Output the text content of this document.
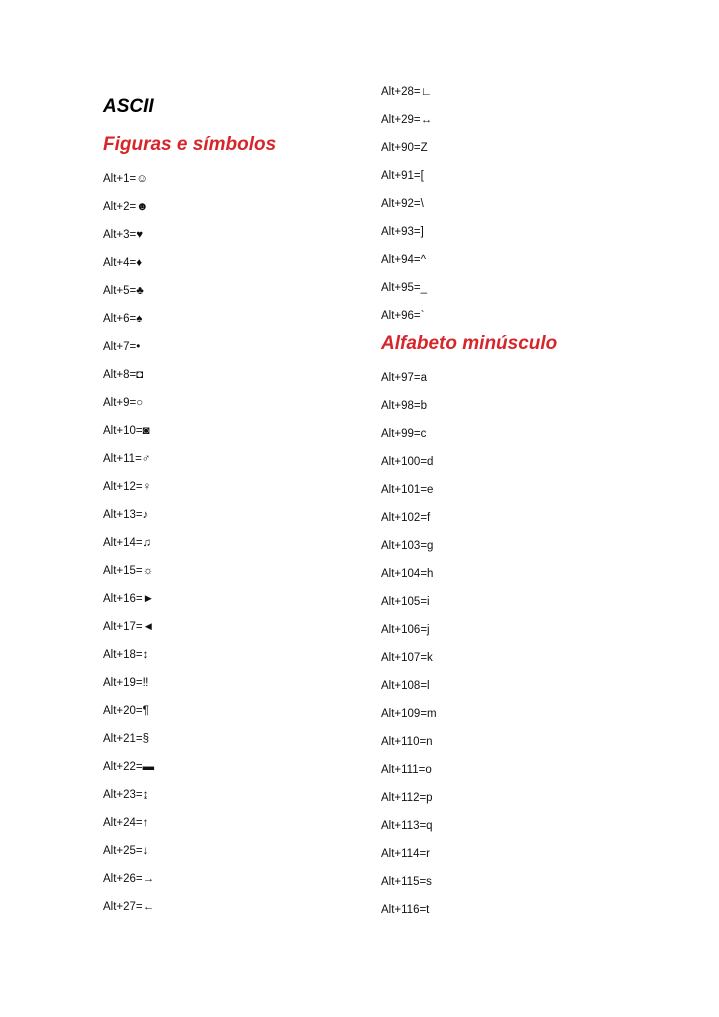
ASCII
Figuras e símbolos
Alt+1=☺
Alt+2=☻
Alt+3=♥
Alt+4=♦
Alt+5=♣
Alt+6=♠
Alt+7=•
Alt+8=◘
Alt+9=○
Alt+10=◙
Alt+11=♂
Alt+12=♀
Alt+13=♪
Alt+14=♫
Alt+15=☼
Alt+16=►
Alt+17=◄
Alt+18=↕
Alt+19=‼
Alt+20=¶
Alt+21=§
Alt+22=▬
Alt+23=↨
Alt+24=↑
Alt+25=↓
Alt+26=→
Alt+27=←
Alt+28=∟
Alt+29=↔
Alt+90=Z
Alt+91=[
Alt+92=\
Alt+93=]
Alt+94=^
Alt+95=_
Alt+96=`
Alfabeto minúsculo
Alt+97=a
Alt+98=b
Alt+99=c
Alt+100=d
Alt+101=e
Alt+102=f
Alt+103=g
Alt+104=h
Alt+105=i
Alt+106=j
Alt+107=k
Alt+108=l
Alt+109=m
Alt+110=n
Alt+111=o
Alt+112=p
Alt+113=q
Alt+114=r
Alt+115=s
Alt+116=t
